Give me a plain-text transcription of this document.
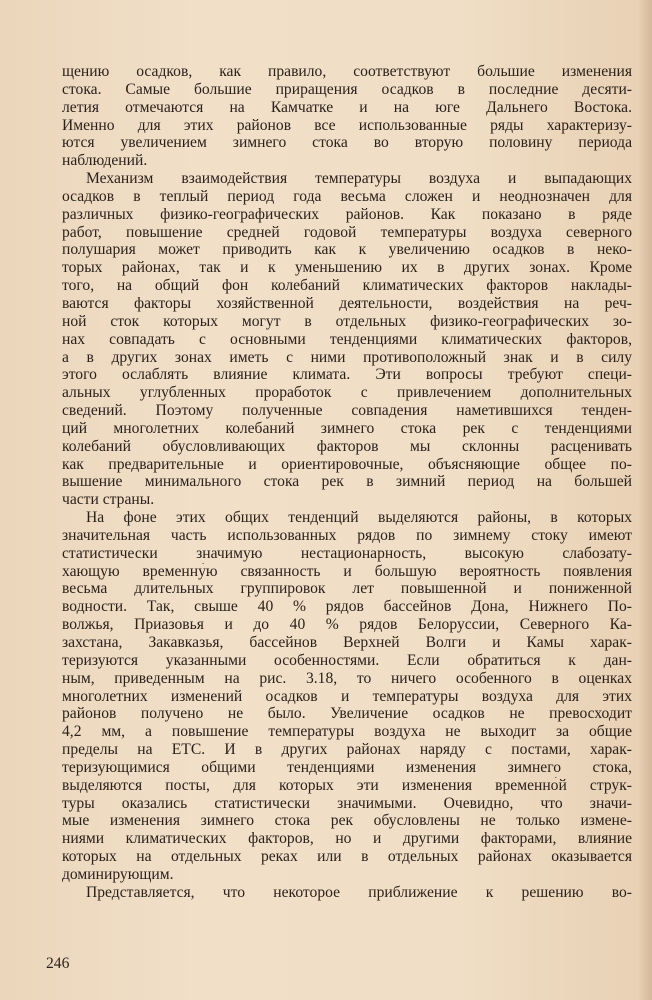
щению осадков, как правило, соответствуют большие изменения
стока. Самые большие приращения осадков в последние десяти-
летия отмечаются на Камчатке и на юге Дальнего Востока.
Именно для этих районов все использованные ряды характеризу-
ются увеличением зимнего стока во вторую половину периода
наблюдений.
Механизм взаимодействия температуры воздуха и выпадающих
осадков в теплый период года весьма сложен и неоднозначен для
различных физико-географических районов. Как показано в ряде
работ, повышение средней годовой температуры воздуха северного
полушария может приводить как к увеличению осадков в неко-
торых районах, так и к уменьшению их в других зонах. Кроме
того, на общий фон колебаний климатических факторов наклады-
ваются факторы хозяйственной деятельности, воздействия на реч-
ной сток которых могут в отдельных физико-географических зо-
нах совпадать с основными тенденциями климатических факторов,
а в других зонах иметь с ними противоположный знак и в силу
этого ослаблять влияние климата. Эти вопросы требуют специ-
альных углубленных проработок с привлечением дополнительных
сведений. Поэтому полученные совпадения наметившихся тенден-
ций многолетних колебаний зимнего стока рек с тенденциями
колебаний обусловливающих факторов мы склонны расценивать
как предварительные и ориентировочные, объясняющие общее по-
вышение минимального стока рек в зимний период на большей
части страны.
На фоне этих общих тенденций выделяются районы, в которых
значительная часть использованных рядов по зимнему стоку имеют
статистически значимую нестационарность, высокую слабозату-
хающую временну́ю связанность и большую вероятность появления
весьма длительных группировок лет повышенной и пониженной
водности. Так, свыше 40 % рядов бассейнов Дона, Нижнего По-
волжья, Приазовья и до 40 % рядов Белоруссии, Северного Ка-
захстана, Закавказья, бассейнов Верхней Волги и Камы харак-
теризуются указанными особенностями. Если обратиться к дан-
ным, приведенным на рис. 3.18, то ничего особенного в оценках
многолетних изменений осадков и температуры воздуха для этих
районов получено не было. Увеличение осадков не превосходит
4,2 мм, а повышение температуры воздуха не выходит за общие
пределы на ЕТС. И в других районах наряду с постами, харак-
теризующимися общими тенденциями изменения зимнего стока,
выделяются посты, для которых эти изменения временно́й струк-
туры оказались статистически значимыми. Очевидно, что значи-
мые изменения зимнего стока рек обусловлены не только измене-
ниями климатических факторов, но и другими факторами, влияние
которых на отдельных реках или в отдельных районах оказывается
доминирующим.
Представляется, что некоторое приближение к решению во-
246
